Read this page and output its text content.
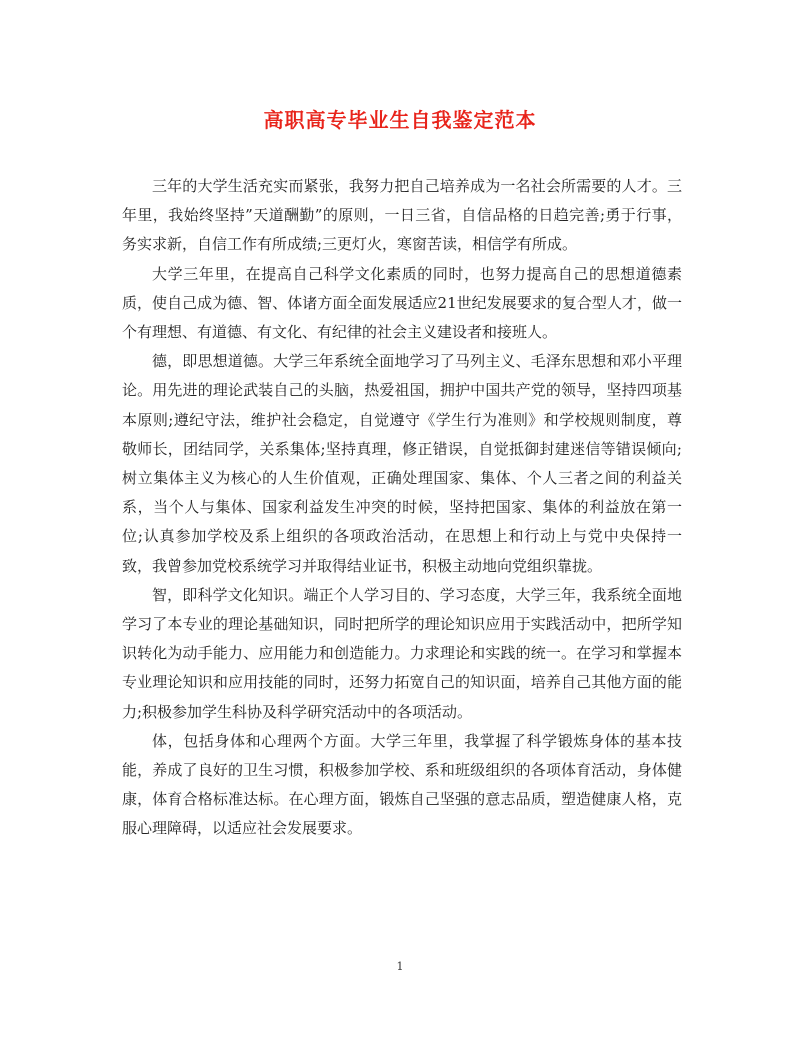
高职高专毕业生自我鉴定范本

三年的大学生活充实而紧张，我努力把自己培养成为一名社会所需要的人才。三年里，我始终坚持”天道酬勤”的原则，一日三省，自信品格的日趋完善;勇于行事，务实求新，自信工作有所成绩;三更灯火，寒窗苦读，相信学有所成。

大学三年里，在提高自己科学文化素质的同时，也努力提高自己的思想道德素质，使自己成为德、智、体诸方面全面发展适应21世纪发展要求的复合型人才，做一个有理想、有道德、有文化、有纪律的社会主义建设者和接班人。

德，即思想道德。大学三年系统全面地学习了马列主义、毛泽东思想和邓小平理论。用先进的理论武装自己的头脑，热爱祖国，拥护中国共产党的领导，坚持四项基本原则;遵纪守法，维护社会稳定，自觉遵守《学生行为准则》和学校规则制度，尊敬师长，团结同学，关系集体;坚持真理，修正错误，自觉抵御封建迷信等错误倾向;树立集体主义为核心的人生价值观，正确处理国家、集体、个人三者之间的利益关系，当个人与集体、国家利益发生冲突的时候，坚持把国家、集体的利益放在第一位;认真参加学校及系上组织的各项政治活动，在思想上和行动上与党中央保持一致，我曾参加党校系统学习并取得结业证书，积极主动地向党组织靠拢。

智，即科学文化知识。端正个人学习目的、学习态度，大学三年，我系统全面地学习了本专业的理论基础知识，同时把所学的理论知识应用于实践活动中，把所学知识转化为动手能力、应用能力和创造能力。力求理论和实践的统一。在学习和掌握本专业理论知识和应用技能的同时，还努力拓宽自己的知识面，培养自己其他方面的能力;积极参加学生科协及科学研究活动中的各项活动。

体，包括身体和心理两个方面。大学三年里，我掌握了科学锻炼身体的基本技能，养成了良好的卫生习惯，积极参加学校、系和班级组织的各项体育活动，身体健康，体育合格标准达标。在心理方面，锻炼自己坚强的意志品质，塑造健康人格，克服心理障碍，以适应社会发展要求。

1
